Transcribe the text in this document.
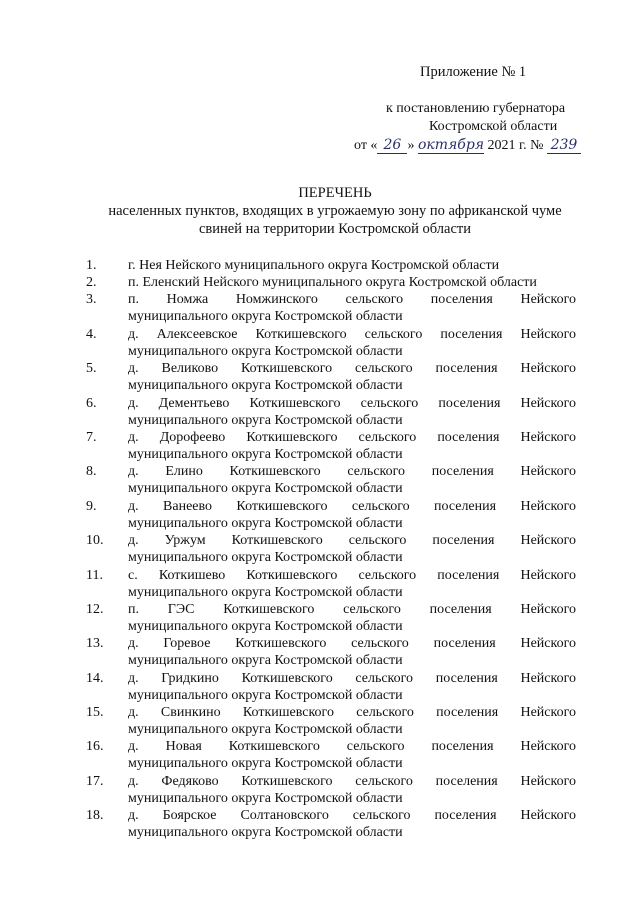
Приложение № 1
к постановлению губернатора
Костромской области
от « 26 » октября 2021 г. № 239
ПЕРЕЧЕНЬ
населенных пунктов, входящих в угрожаемую зону по африканской чуме
свиней на территории Костромской области
1.	г. Нея Нейского муниципального округа Костромской области
2.	п. Еленский Нейского муниципального округа Костромской области
3.	п. Номжа Номжинского сельского поселения Нейского
муниципального округа Костромской области
4.	д. Алексеевское Коткишевского сельского поселения Нейского
муниципального округа Костромской области
5.	д. Великово Коткишевского сельского поселения Нейского
муниципального округа Костромской области
6.	д. Дементьево Коткишевского сельского поселения Нейского
муниципального округа Костромской области
7.	д. Дорофеево Коткишевского сельского поселения Нейского
муниципального округа Костромской области
8.	д. Елино Коткишевского сельского поселения Нейского
муниципального округа Костромской области
9.	д. Ванеево Коткишевского сельского поселения Нейского
муниципального округа Костромской области
10.	д. Уржум Коткишевского сельского поселения Нейского
муниципального округа Костромской области
11.	с. Коткишево Коткишевского сельского поселения Нейского
муниципального округа Костромской области
12.	п. ГЭС Коткишевского сельского поселения Нейского
муниципального округа Костромской области
13.	д. Горевое Коткишевского сельского поселения Нейского
муниципального округа Костромской области
14.	д. Гридкино Коткишевского сельского поселения Нейского
муниципального округа Костромской области
15.	д. Свинкино Коткишевского сельского поселения Нейского
муниципального округа Костромской области
16.	д. Новая Коткишевского сельского поселения Нейского
муниципального округа Костромской области
17.	д. Федяково Коткишевского сельского поселения Нейского
муниципального округа Костромской области
18.	д. Боярское Солтановского сельского поселения Нейского
муниципального округа Костромской области
